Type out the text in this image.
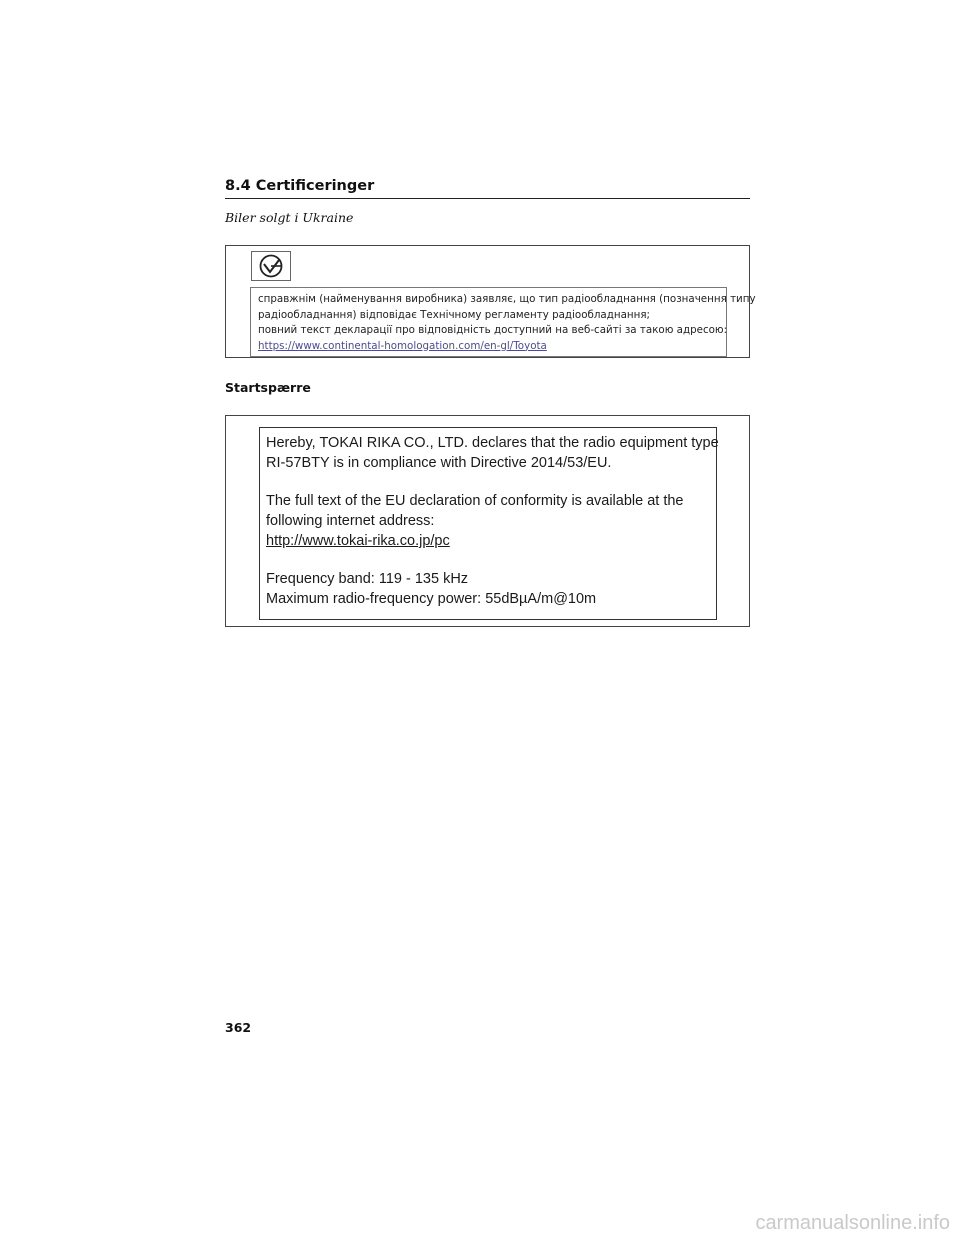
8.4 Certificeringer
Biler solgt i Ukraine
справжнім (найменування виробника) заявляє, що тип радіообладнання (позначення типу
радіообладнання) відповідає Технічному регламенту радіообладнання;
повний текст декларації про відповідність доступний на веб-сайті за такою адресою:
https://www.continental-homologation.com/en-gl/Toyota
Startspærre
Hereby, TOKAI RIKA CO., LTD. declares that the radio equipment type
RI-57BTY is in compliance with Directive 2014/53/EU.
The full text of the EU declaration of conformity is available at the
following internet address:
http://www.tokai-rika.co.jp/pc
Frequency band: 119 - 135 kHz
Maximum radio-frequency power: 55dBµA/m@10m
362
carmanualsonline.info
